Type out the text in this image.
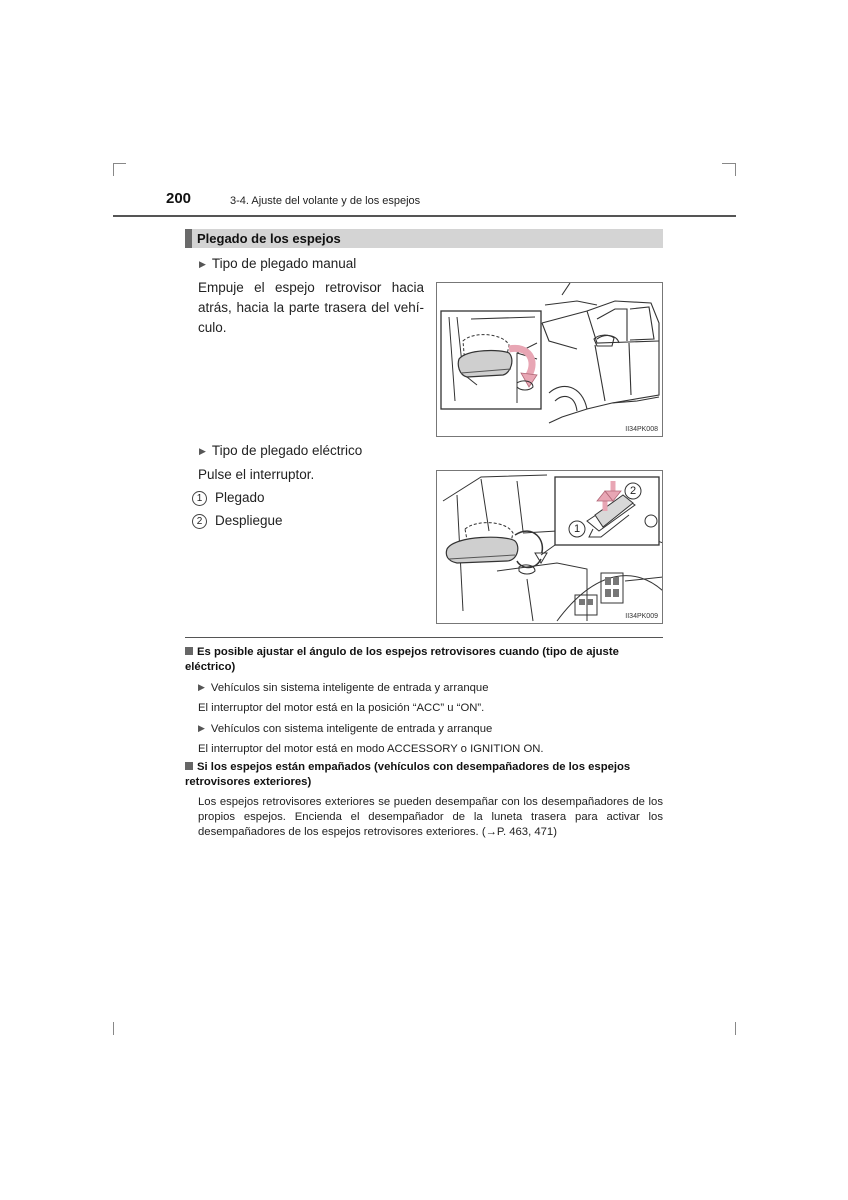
200	3-4. Ajuste del volante y de los espejos
Plegado de los espejos
▶ Tipo de plegado manual
Empuje el espejo retrovisor hacia atrás, hacia la parte trasera del vehí-culo.
II34PK008
▶ Tipo de plegado eléctrico
Pulse el interruptor.
1 Plegado
2 Despliegue
2
1
II34PK009
Es posible ajustar el ángulo de los espejos retrovisores cuando (tipo de ajuste eléctrico)
▶ Vehículos sin sistema inteligente de entrada y arranque
El interruptor del motor está en la posición “ACC” u “ON”.
▶ Vehículos con sistema inteligente de entrada y arranque
El interruptor del motor está en modo ACCESSORY o IGNITION ON.
Si los espejos están empañados (vehículos con desempañadores de los espejos retrovisores exteriores)
Los espejos retrovisores exteriores se pueden desempañar con los desempañadores de los propios espejos. Encienda el desempañador de la luneta trasera para activar los desempañadores de los espejos retrovisores exteriores. (→P. 463, 471)
